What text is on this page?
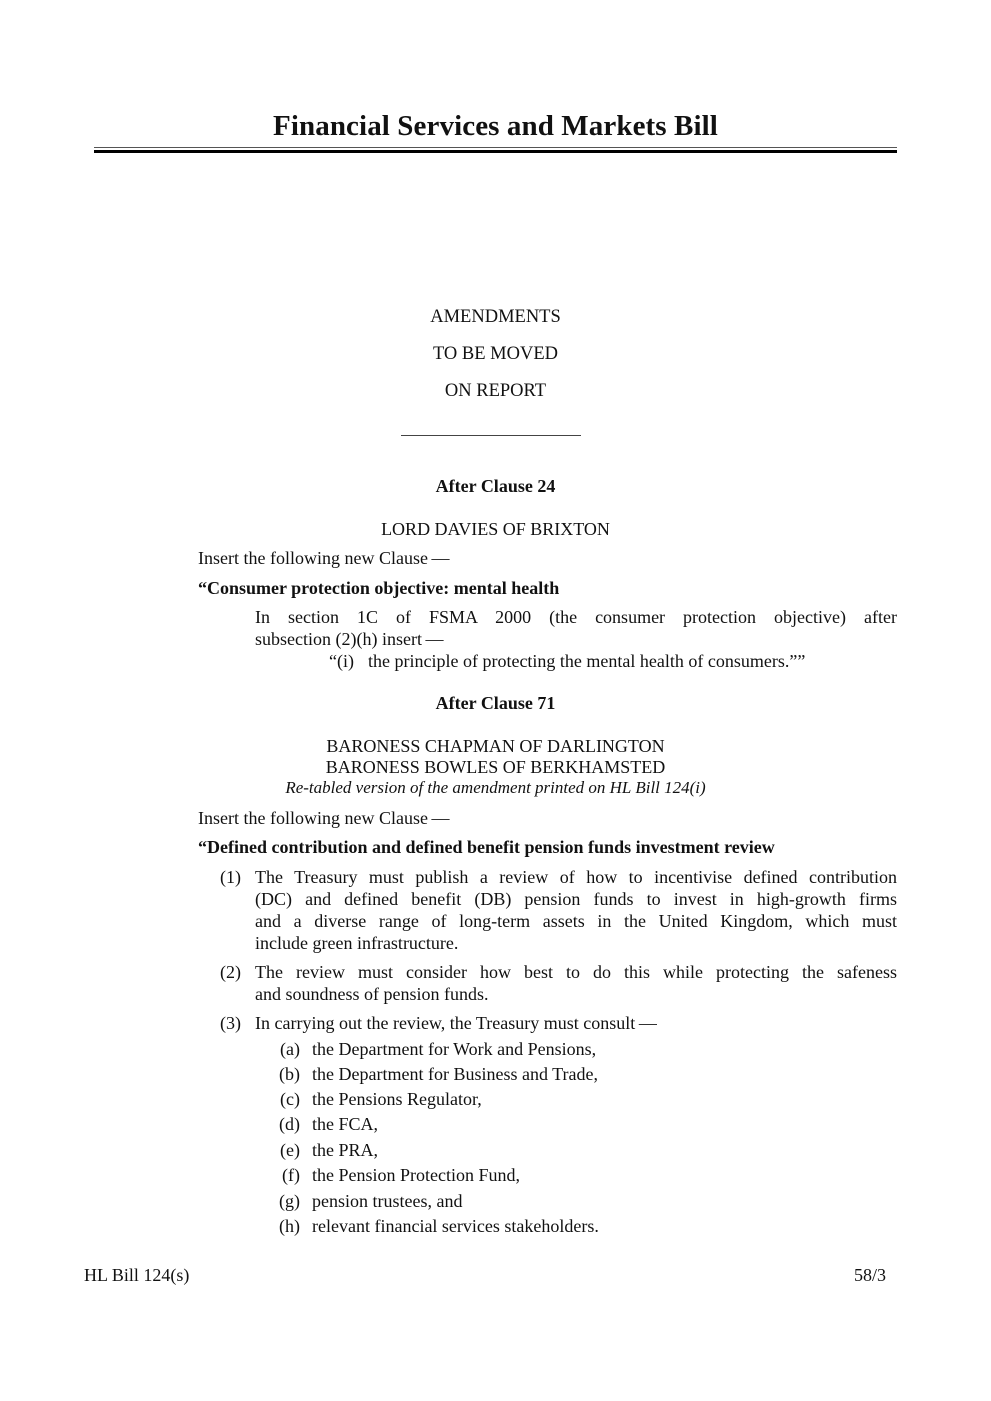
Financial Services and Markets Bill
AMENDMENTS
TO BE MOVED
ON REPORT
After Clause 24
LORD DAVIES OF BRIXTON
Insert the following new Clause —
“Consumer protection objective: mental health
In section 1C of FSMA 2000 (the consumer protection objective) after
subsection (2)(h) insert —
“(i) the principle of protecting the mental health of consumers.””
After Clause 71
BARONESS CHAPMAN OF DARLINGTON
BARONESS BOWLES OF BERKHAMSTED
Re-tabled version of the amendment printed on HL Bill 124(i)
Insert the following new Clause —
“Defined contribution and defined benefit pension funds investment review
(1) The Treasury must publish a review of how to incentivise defined contribution
(DC) and defined benefit (DB) pension funds to invest in high-growth firms
and a diverse range of long-term assets in the United Kingdom, which must
include green infrastructure.
(2) The review must consider how best to do this while protecting the safeness
and soundness of pension funds.
(3) In carrying out the review, the Treasury must consult —
(a) the Department for Work and Pensions,
(b) the Department for Business and Trade,
(c) the Pensions Regulator,
(d) the FCA,
(e) the PRA,
(f) the Pension Protection Fund,
(g) pension trustees, and
(h) relevant financial services stakeholders.
HL Bill 124(s)	58/3
